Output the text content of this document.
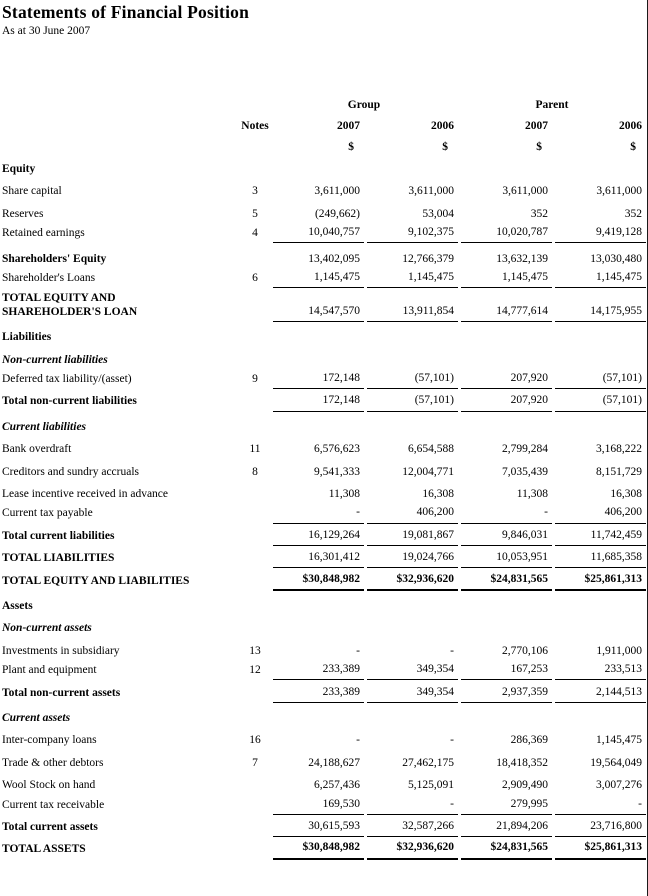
Statements of Financial Position
As at 30 June 2007
Group	Parent
Notes	2007	2006	2007	2006
$	$	$	$
Equity
Share capital	3	3,611,000	3,611,000	3,611,000	3,611,000
Reserves	5	(249,662)	53,004	352	352
Retained earnings	4	10,040,757	9,102,375	10,020,787	9,419,128
Shareholders' Equity	13,402,095	12,766,379	13,632,139	13,030,480
Shareholder's Loans	6	1,145,475	1,145,475	1,145,475	1,145,475
TOTAL EQUITY AND SHAREHOLDER'S LOAN	14,547,570	13,911,854	14,777,614	14,175,955
Liabilities
Non-current liabilities
Deferred tax liability/(asset)	9	172,148	(57,101)	207,920	(57,101)
Total non-current liabilities	172,148	(57,101)	207,920	(57,101)
Current liabilities
Bank overdraft	11	6,576,623	6,654,588	2,799,284	3,168,222
Creditors and sundry accruals	8	9,541,333	12,004,771	7,035,439	8,151,729
Lease incentive received in advance	11,308	16,308	11,308	16,308
Current tax payable	-	406,200	-	406,200
Total current liabilities	16,129,264	19,081,867	9,846,031	11,742,459
TOTAL LIABILITIES	16,301,412	19,024,766	10,053,951	11,685,358
TOTAL EQUITY AND LIABILITIES	$30,848,982	$32,936,620	$24,831,565	$25,861,313
Assets
Non-current assets
Investments in subsidiary	13	-	-	2,770,106	1,911,000
Plant and equipment	12	233,389	349,354	167,253	233,513
Total non-current assets	233,389	349,354	2,937,359	2,144,513
Current assets
Inter-company loans	16	-	-	286,369	1,145,475
Trade & other debtors	7	24,188,627	27,462,175	18,418,352	19,564,049
Wool Stock on hand	6,257,436	5,125,091	2,909,490	3,007,276
Current tax receivable	169,530	-	279,995	-
Total current assets	30,615,593	32,587,266	21,894,206	23,716,800
TOTAL ASSETS	$30,848,982	$32,936,620	$24,831,565	$25,861,313
